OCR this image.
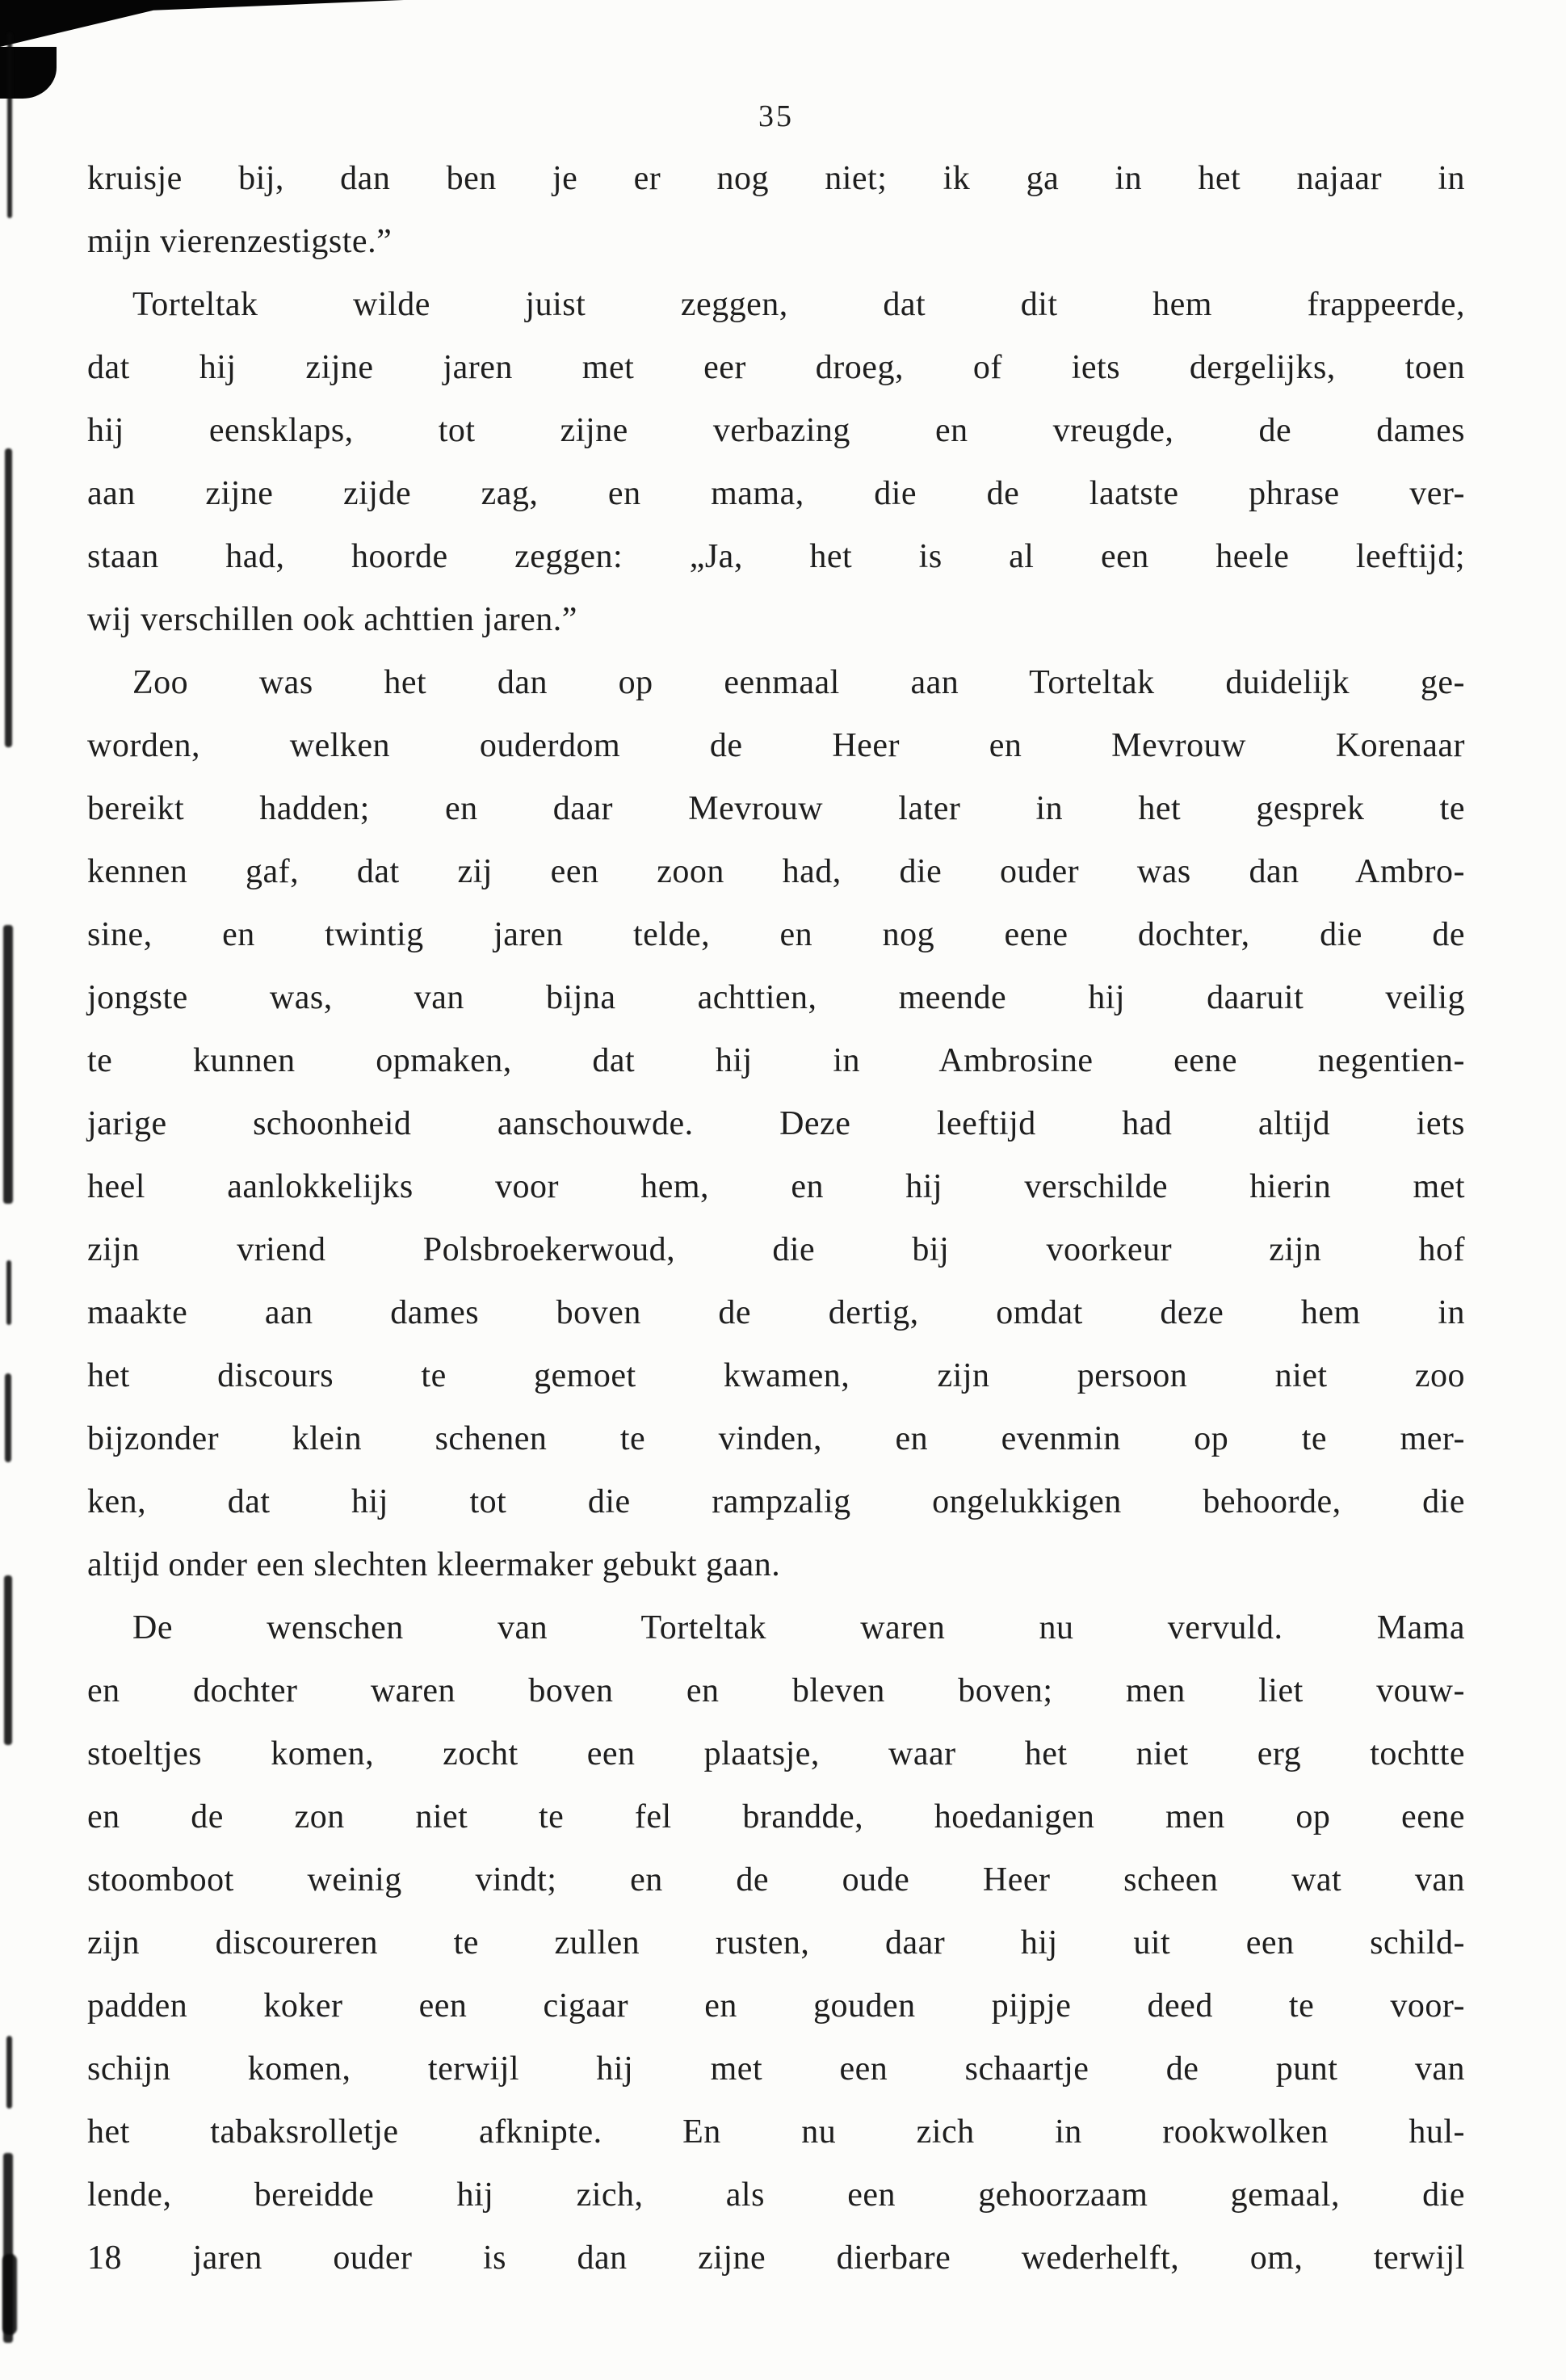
35
kruisje bij, dan ben je er nog niet; ik ga in het najaar in
mijn vierenzestigste.”
Torteltak wilde juist zeggen, dat dit hem frappeerde,
dat hij zijne jaren met eer droeg, of iets dergelijks, toen
hij eensklaps, tot zijne verbazing en vreugde, de dames
aan zijne zijde zag, en mama, die de laatste phrase ver-
staan had, hoorde zeggen: „Ja, het is al een heele leeftijd;
wij verschillen ook achttien jaren.”
Zoo was het dan op eenmaal aan Torteltak duidelijk ge-
worden, welken ouderdom de Heer en Mevrouw Korenaar
bereikt hadden; en daar Mevrouw later in het gesprek te
kennen gaf, dat zij een zoon had, die ouder was dan Ambro-
sine, en twintig jaren telde, en nog eene dochter, die de
jongste was, van bijna achttien, meende hij daaruit veilig
te kunnen opmaken, dat hij in Ambrosine eene negentien-
jarige schoonheid aanschouwde. Deze leeftijd had altijd iets
heel aanlokkelijks voor hem, en hij verschilde hierin met
zijn vriend Polsbroekerwoud, die bij voorkeur zijn hof
maakte aan dames boven de dertig, omdat deze hem in
het discours te gemoet kwamen, zijn persoon niet zoo
bijzonder klein schenen te vinden, en evenmin op te mer-
ken, dat hij tot die rampzalig ongelukkigen behoorde, die
altijd onder een slechten kleermaker gebukt gaan.
De wenschen van Torteltak waren nu vervuld. Mama
en dochter waren boven en bleven boven; men liet vouw-
stoeltjes komen, zocht een plaatsje, waar het niet erg tochtte
en de zon niet te fel brandde, hoedanigen men op eene
stoomboot weinig vindt; en de oude Heer scheen wat van
zijn discoureren te zullen rusten, daar hij uit een schild-
padden koker een cigaar en gouden pijpje deed te voor-
schijn komen, terwijl hij met een schaartje de punt van
het tabaksrolletje afknipte. En nu zich in rookwolken hul-
lende, bereidde hij zich, als een gehoorzaam gemaal, die
18 jaren ouder is dan zijne dierbare wederhelft, om, terwijl
